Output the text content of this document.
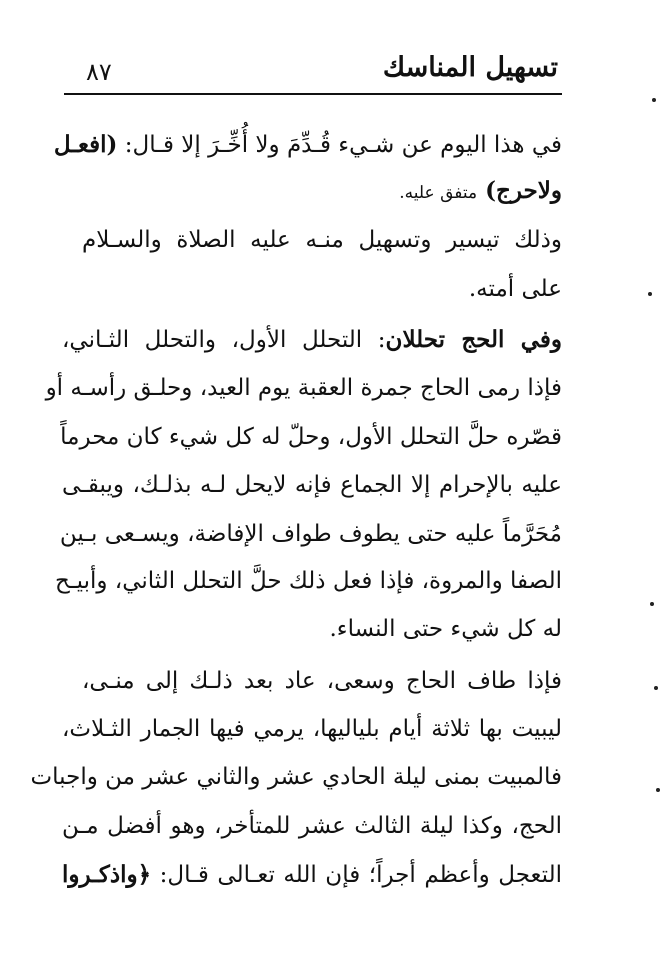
تسهيل المناسك
٨٧
في هذا اليوم عن شـيء قُـدِّمَ ولا أُخِّـرَ إلا قـال: (افعـل
ولاحرج) متفق عليه.
وذلك تيسير وتسهيل منـه عليه الصلاة والسـلام
على أمته.
وفي الحج تحللان: التحلل الأول، والتحلل الثـاني،
فإذا رمى الحاج جمرة العقبة يوم العيد، وحلـق رأسـه أو
قصّره حلَّ التحلل الأول، وحلّ له كل شيء كان محرماً
عليه بالإحرام إلا الجماع فإنه لايحل لـه بذلـك، ويبقـى
مُحَرَّماً عليه حتى يطوف طواف الإفاضة، ويسـعى بـين
الصفا والمروة، فإذا فعل ذلك حلَّ التحلل الثاني، وأبيـح
له كل شيء حتى النساء.
فإذا طاف الحاج وسعى، عاد بعد ذلـك إلى منـى،
ليبيت بها ثلاثة أيام بلياليها، يرمي فيها الجمار الثـلاث،
فالمبيت بمنى ليلة الحادي عشر والثاني عشر من واجبات
الحج، وكذا ليلة الثالث عشر للمتأخر، وهو أفضل مـن
التعجل وأعظم أجراً؛ فإن الله تعـالى قـال: ﴿واذكـروا
